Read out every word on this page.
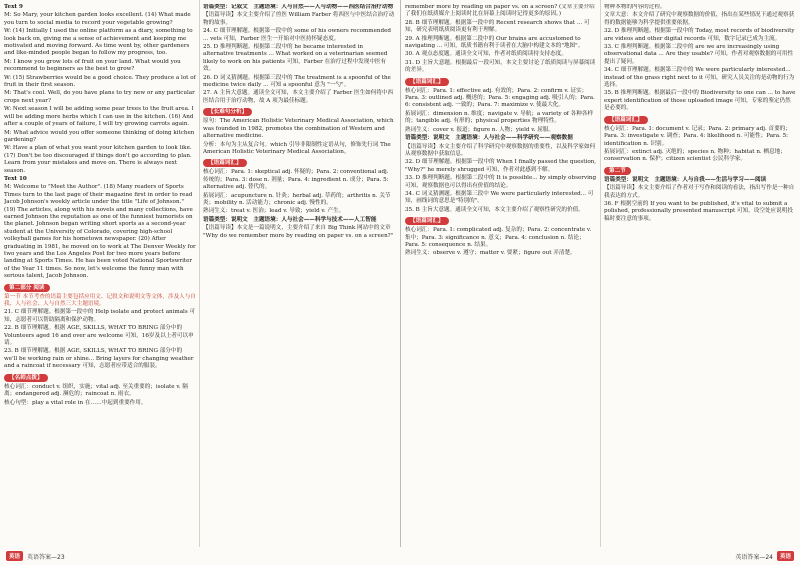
Text 9

M: So Mary, your kitchen garden looks excellent. (14) What made you turn to social media to record your vegetable growing?

W: (14) Initially I used the online platform as a diary, something to look back on, giving me a sense of achievement and keeping me motivated and moving forward. As time went by, other gardeners and like-minded people began to follow my progress, too.

M: I know you grow lots of fruit on your land. What would you recommend to beginners as the best to grow?

W: (15) Strawberries would be a good choice. They produce a lot of fruit in their first season.

M: That's cool. Well, do you have plans to try new or any particular crops next year?

W: Next season I will be adding some pear trees to the fruit area. I will be adding more herbs which I can use in the kitchen. (16) And after a couple of years of failure, I will try growing carrots again.

M: What advice would you offer someone thinking of doing kitchen gardening?

W: Have a plan of what you want your kitchen garden to look like. (17) Don't be too discouraged if things don't go according to plan. Learn from your mistakes and move on. There is always next season.

Text 10

M: Welcome to "Meet the Author". (18) Many readers of Sports Times turn to the last page of their magazine first in order to read Jacob Johnson's weekly article under the title "Life of Johnson." (19) The articles, along with his novels and many collections, have earned Johnson the reputation as one of the funniest humorists on the planet. Johnson began writing short sports as a second-year student at the University of Colorado, covering high-school volleyball games for his hometown newspaper. (20) After graduating in 1981, he moved on to work at The Denver Weekly for two years and the Los Angeles Post for two more years before landing at Sports Times. He has been voted National Sportswriter of the Year 11 times. So now, let's welcome the funny man with serious talent, Jacob Johnson.

第二部分 阅读

第一节 本节考查的语篇主要包括应用文、记叙文和说明文等文体，涉及人与自我、人与社会、人与自然三大主题语境。

21. C 细节理解题。根据第一段中的 Help isolate and protect animals 可知，志愿者可以帮助隔离和保护动物。

22. B 细节理解题。根据 AGE, SKILLS, WHAT TO BRING 部分中的 Volunteers aged 16 and over are welcome 可知，16岁及以上者可以申请。

23. B 细节理解题。根据 AGE, SKILLS, WHAT TO BRING 部分中的 we'll be working rain or shine... Bring layers for changing weather and a raincoat if necessary 可知，志愿者应带适合的服装。

【名师点拨】

核心词汇：conduct v. 组织，实施；vital adj. 至关重要的；isolate v. 隔离；endangered adj. 濒危的；raincoat n. 雨衣。

核心句型：play a vital role in 在……中起到重要作用。

语篇类型：记叙文　主题语境：人与自然——人与动物——西医结合治疗动物

【语篇导读】本文主要介绍了兽医 William Farber 将西医与中医结合治疗动物的故事。

24. C 细节理解题。根据第一段中的 some of his owners recommended ... vets 可知，Farber 医生一开始对中医持怀疑态度。

25. D 推理判断题。根据第二段中的 he became interested in alternative treatments ... What worked on a veterinarian seemed likely to work on his patients 可知，Farber 在治疗过程中发现中医有效。

26. D 词义猜测题。根据第三段中的 The treatment is a spoonful of the medicine twice daily ... 可知 a spoonful 意为 "一勺"。

27. A 主旨大意题。通读全文可知，本文主要介绍了 Farber 医生如何将中西医结合用于治疗动物，故 A 项为最佳标题。

【长难句分析】

原句：The American Holistic Veterinary Medical Association, which was founded in 1982, promotes the combination of Western and alternative medicine.

分析：本句为主从复合句。which 引导非限制性定语从句，修饰先行词 The American Holistic Veterinary Medical Association。

【语篇词汇】

核心词汇：Para. 1: skeptical adj. 怀疑的；Para. 2: conventional adj. 传统的；Para. 3: dose n. 剂量；Para. 4: ingredient n. 成分；Para. 5: alternative adj. 替代的。

拓展词汇：acupuncture n. 针灸；herbal adj. 草药的；arthritis n. 关节炎；mobility n. 活动能力；chronic adj. 慢性的。

熟词生义：treat v. 医治；lead v. 导致；yield v. 产生。

语篇类型：说明文　主题语境：人与社会——科学与技术——人工智能

【语篇导读】本文是一篇说明文，主要介绍了来自 Big Think 网站中的文章 "Why do we remember more by reading on paper vs. on a screen?"

remember more by reading on paper vs. on a screen? (文章主要介绍了我们在纸质媒介上阅读时比在屏幕上阅读时记得更多的原因。)

28. B 细节理解题。根据第一段中的 Recent research shows that ... 可知，研究表明纸质阅读更有利于理解。

29. A 推理判断题。根据第二段中的 Our brains are accustomed to navigating ... 可知，纸质书籍有利于读者在大脑中构建文本的"地图"。

30. A 观点态度题。通读全文可知，作者对纸质阅读持支持态度。

31. D 主旨大意题。根据最后一段可知，本文主要讨论了纸质阅读与屏幕阅读的差异。

【语篇词汇】

核心词汇：Para. 1: effective adj. 有效的；Para. 2: confirm v. 证实；Para. 3: outlined adj. 概述的；Para. 5: engaging adj. 吸引人的；Para. 6: consistent adj. 一致的；Para. 7: maximize v. 使最大化。

拓展词汇：dimension n. 维度；navigate v. 导航；a variety of 各种各样的；tangible adj. 有形的；physical properties 物理特性。

熟词生义：cover v. 报道；figure n. 人物；yield v. 屈服。

语篇类型：说明文　主题语境：人与社会——科学研究——观察数据

【语篇导读】本文主要介绍了科学研究中观察数据的重要性，以及科学家如何从观察数据中获取信息。

32. D 细节理解题。根据第一段中的 When I finally passed the question, "Why?" he merely shrugged 可知，作者对此感到不解。

33. D 推理判断题。根据第二段中的 It is possible... by simply observing 可知，观察数据也可以得出有价值的结论。

34. C 词义猜测题。根据第三段中 We were particularly interested... 可知，画线词的意思是"特别的"。

35. B 主旨大意题。通读全文可知，本文主要介绍了观察性研究的价值。

【语篇词汇】

核心词汇：Para. 1: complicated adj. 复杂的；Para. 2: concentrate v. 集中；Para. 3: significance n. 意义；Para. 4: conclusion n. 结论；Para. 5: consequence n. 结果。

熟词生义：observe v. 遵守；matter v. 要紧；figure out 弄清楚。

物种本物的内容的过程。

文章大意：本文介绍了研究中观察数据的价值，指出在某些情况下通过观察获得的数据能够为科学提供重要依据。

32. D 推理判断题。根据第一段中的 Today, most records of biodiversity are videos and other digital records 可知，数字记录已成为主流。

33. C 推理判断题。根据第二段中的 are we are increasingly using observational data ... Are they usable? 可知，作者对观察数据的可用性提出了疑问。

34. C 细节理解题。根据第三段中的 We were particularly interested... instead of the grass right next to it 可知，研究人员关注的是动物的行为选择。

35. B 推理判断题。根据最后一段中的 Biodiversity to one can ... to have expert identification of those uploaded image 可知，专家的鉴定仍然是必要的。

【语篇词汇】

核心词汇：Para. 1: document v. 记录；Para. 2: primary adj. 首要的；Para. 3: investigate v. 调查；Para. 4: likelihood n. 可能性；Para. 5: identification n. 识别。

拓展词汇：extinct adj. 灭绝的；species n. 物种；habitat n. 栖息地；conservation n. 保护；citizen scientist 公民科学家。

第二节

语篇类型：说明文　主题语境：人与自我——生活与学习——阅读

【语篇导读】本文主要介绍了作者对于写作和阅读的看法，指出写作是一种自我表达的方式。

36. F 根据空前的 If you want to be published, it's vital to submit a polished, professionally presented manuscript 可知，设空处应说明投稿时要注意的事项。

英语	英语答案—23	英语答案—24	英语
